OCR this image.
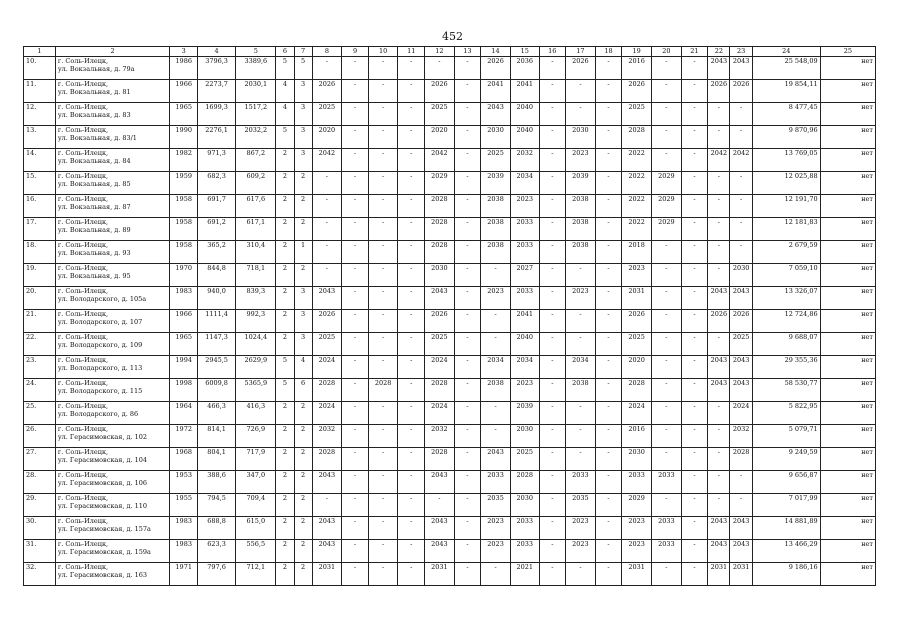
452
1	2	3	4	5	6	7	8	9	10	11	12	13	14	15	16	17	18	19	20	21	22	23	24	25
10.	г. Соль-Илецк,
ул. Вокзальная, д. 79а	1986	3796,3	3389,6	5	5	-	-	-	-	-	-	2026	2036	-	2026	-	2016	-	-	2043	2043	25 548,09	нет
11.	г. Соль-Илецк,
ул. Вокзальная, д. 81	1966	2273,7	2030,1	4	3	2026	-	-	-	2026	-	2041	2041	-	-	-	2026	-	-	2026	2026	19 854,11	нет
12.	г. Соль-Илецк,
ул. Вокзальная, д. 83	1965	1699,3	1517,2	4	3	2025	-	-	-	2025	-	2043	2040	-	-	-	2025	-	-	-	-	8 477,45	нет
13.	г. Соль-Илецк,
ул. Вокзальная, д. 83/1	1990	2276,1	2032,2	5	3	2020	-	-	-	2020	-	2030	2040	-	2030	-	2028	-	-	-	-	9 870,96	нет
14.	г. Соль-Илецк,
ул. Вокзальная, д. 84	1982	971,3	867,2	2	3	2042	-	-	-	2042	-	2025	2032	-	2023	-	2022	-	-	2042	2042	13 769,05	нет
15.	г. Соль-Илецк,
ул. Вокзальная, д. 85	1959	682,3	609,2	2	2	-	-	-	-	2029	-	2039	2034	-	2039	-	2022	2029	-	-	-	12 025,88	нет
16.	г. Соль-Илецк,
ул. Вокзальная, д. 87	1958	691,7	617,6	2	2	-	-	-	-	2028	-	2038	2023	-	2038	-	2022	2029	-	-	-	12 191,70	нет
17.	г. Соль-Илецк,
ул. Вокзальная, д. 89	1958	691,2	617,1	2	2	-	-	-	-	2028	-	2038	2033	-	2038	-	2022	2029	-	-	-	12 181,83	нет
18.	г. Соль-Илецк,
ул. Вокзальная, д. 93	1958	365,2	310,4	2	1	-	-	-	-	2028	-	2038	2033	-	2038	-	2018	-	-	-	-	2 679,59	нет
19.	г. Соль-Илецк,
ул. Вокзальная, д. 95	1970	844,8	718,1	2	2	-	-	-	-	2030	-	-	2027	-	-	-	2023	-	-	-	2030	7 059,10	нет
20.	г. Соль-Илецк,
ул. Володарского, д. 105а	1983	940,0	839,3	2	3	2043	-	-	-	2043	-	2023	2033	-	2023	-	2031	-	-	2043	2043	13 326,07	нет
21.	г. Соль-Илецк,
ул. Володарского, д. 107	1966	1111,4	992,3	2	3	2026	-	-	-	2026	-	-	2041	-	-	-	2026	-	-	2026	2026	12 724,86	нет
22.	г. Соль-Илецк,
ул. Володарского, д. 109	1965	1147,3	1024,4	2	3	2025	-	-	-	2025	-	-	2040	-	-	-	2025	-	-	-	2025	9 688,07	нет
23.	г. Соль-Илецк,
ул. Володарского, д. 113	1994	2945,5	2629,9	5	4	2024	-	-	-	2024	-	2034	2034	-	2034	-	2020	-	-	2043	2043	29 355,36	нет
24.	г. Соль-Илецк,
ул. Володарского, д. 115	1998	6009,8	5365,9	5	6	2028	-	2028	-	2028	-	2038	2023	-	2038	-	2028	-	-	2043	2043	58 530,77	нет
25.	г. Соль-Илецк,
ул. Володарского, д. 86	1964	466,3	416,3	2	2	2024	-	-	-	2024	-	-	2039	-	-	-	2024	-	-	-	2024	5 822,95	нет
26.	г. Соль-Илецк,
ул. Герасимовская, д. 102	1972	814,1	726,9	2	2	2032	-	-	-	2032	-	-	2030	-	-	-	2016	-	-	-	2032	5 079,71	нет
27.	г. Соль-Илецк,
ул. Герасимовская, д. 104	1968	804,1	717,9	2	2	2028	-	-	-	2028	-	2043	2025	-	-	-	2030	-	-	-	2028	9 249,59	нет
28.	г. Соль-Илецк,
ул. Герасимовская, д. 106	1953	388,6	347,0	2	2	2043	-	-	-	2043	-	2033	2028	-	2033	-	2033	2033	-	-	-	9 656,87	нет
29.	г. Соль-Илецк,
ул. Герасимовская, д. 110	1955	794,5	709,4	2	2	-	-	-	-	-	-	2035	2030	-	2035	-	2029	-	-	-	-	7 017,99	нет
30.	г. Соль-Илецк,
ул. Герасимовская, д. 157а	1983	688,8	615,0	2	2	2043	-	-	-	2043	-	2023	2033	-	2023	-	2023	2033	-	2043	2043	14 881,89	нет
31.	г. Соль-Илецк,
ул. Герасимовская, д. 159а	1983	623,3	556,5	2	2	2043	-	-	-	2043	-	2023	2033	-	2023	-	2023	2033	-	2043	2043	13 466,29	нет
32.	г. Соль-Илецк,
ул. Герасимовская, д. 163	1971	797,6	712,1	2	2	2031	-	-	-	2031	-	-	2021	-	-	-	2031	-	-	2031	2031	9 186,16	нет
